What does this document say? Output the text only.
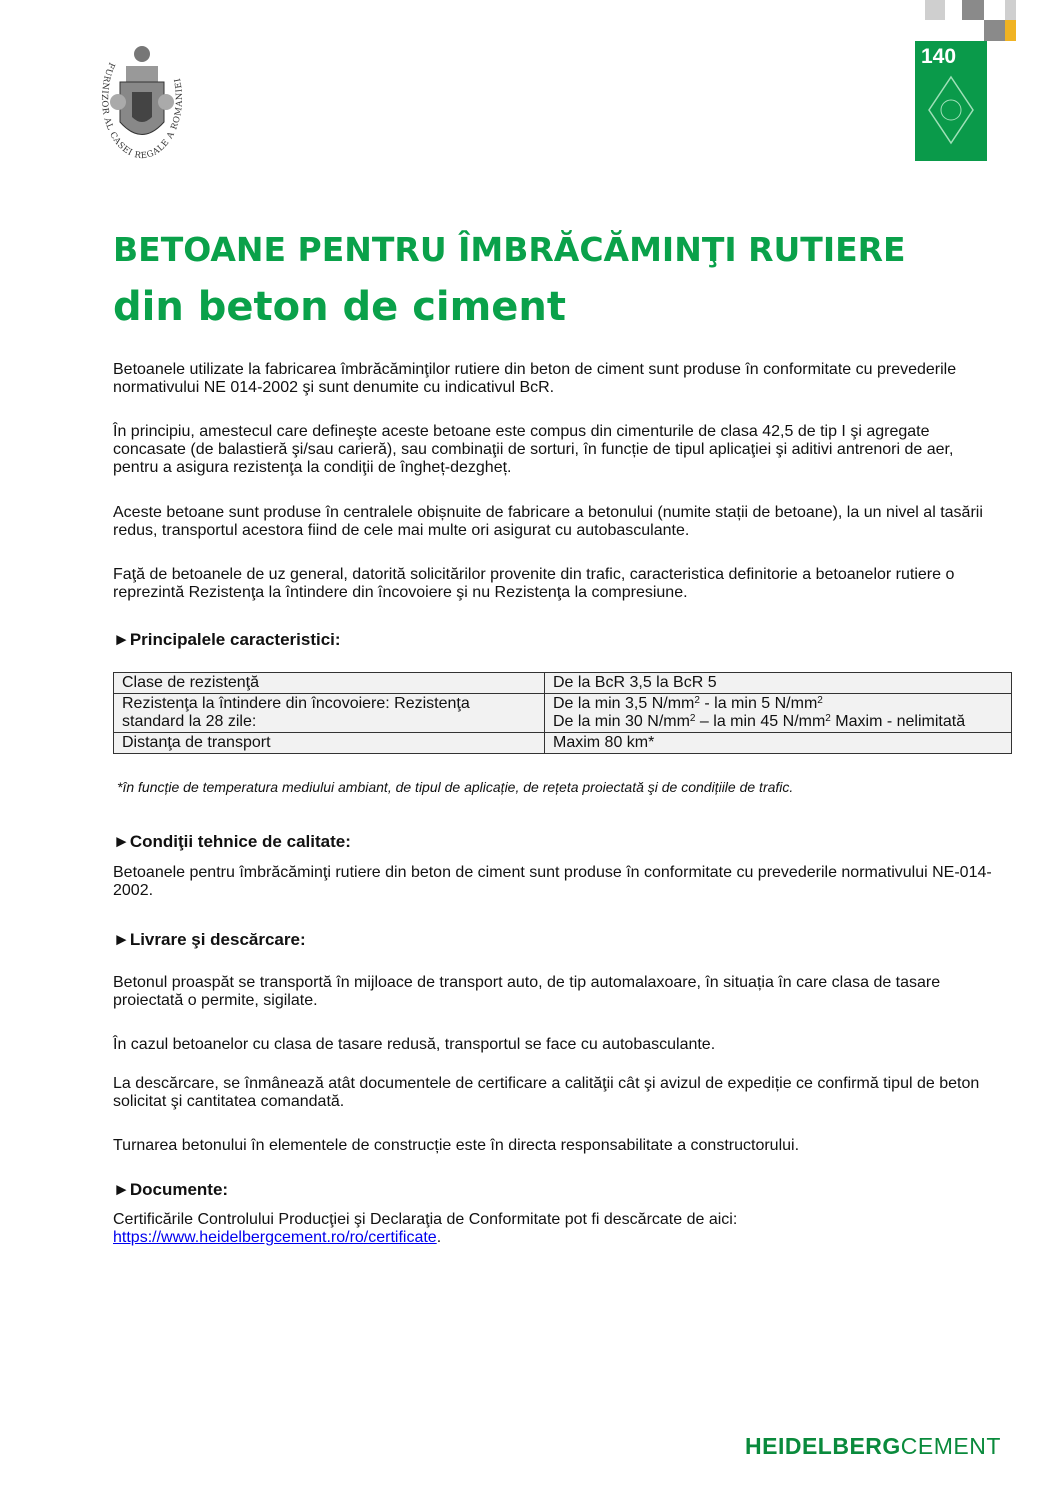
FURNIZOR AL CASEI REGALE A ROMANIEI
140
BETOANE PENTRU ÎMBRĂCĂMINŢI RUTIERE
din beton de ciment
Betoanele utilizate la fabricarea îmbrăcăminţilor rutiere din beton de ciment sunt produse în conformitate cu prevederile normativului NE 014-2002 şi sunt denumite cu indicativul BcR.
În principiu, amestecul care defineşte aceste betoane este compus din cimenturile de clasa 42,5 de tip I şi agregate concasate (de balastieră şi/sau carieră), sau combinaţii de sorturi, în funcție de tipul aplicaţiei şi aditivi antrenori de aer, pentru a asigura rezistenţa la condiţii de îngheț-dezgheț.
Aceste betoane sunt produse în centralele obișnuite de fabricare a betonului (numite stații de betoane), la un nivel al tasării redus, transportul acestora fiind de cele mai multe ori asigurat cu autobasculante.
Faţă de betoanele de uz general, datorită solicitărilor provenite din trafic, caracteristica definitorie a betoanelor rutiere o reprezintă Rezistenţa la întindere din încovoiere şi nu Rezistenţa la compresiune.
►Principalele caracteristici:
Clase de rezistenţă	De la BcR 3,5 la BcR 5
Rezistenţa la întindere din încovoiere: Rezistenţa standard la 28 zile:	De la min 3,5 $N/mm^2$ - la min 5 $N/mm^2$
De la min 30 $N/mm^2$ – la min 45 $N/mm^2$ Maxim - nelimitată
Distanţa de transport	Maxim 80 km*
*în funcție de temperatura mediului ambiant, de tipul de aplicație, de rețeta proiectată şi de condițiile de trafic.
►Condiţii tehnice de calitate:
Betoanele pentru îmbrăcăminţi rutiere din beton de ciment sunt produse în conformitate cu prevederile normativului NE-014-2002.
►Livrare şi descărcare:
Betonul proaspăt se transportă în mijloace de transport auto, de tip automalaxoare, în situația în care clasa de tasare proiectată o permite, sigilate.
În cazul betoanelor cu clasa de tasare redusă, transportul se face cu autobasculante.
La descărcare, se înmânează atât documentele de certificare a calităţii cât şi avizul de expediție ce confirmă tipul de beton solicitat şi cantitatea comandată.
Turnarea betonului în elementele de construcție este în directa responsabilitate a constructorului.
►Documente:
Certificările Controlului Producţiei şi Declaraţia de Conformitate pot fi descărcate de aici:
https://www.heidelbergcement.ro/ro/certificate.
HEIDELBERGCEMENT
